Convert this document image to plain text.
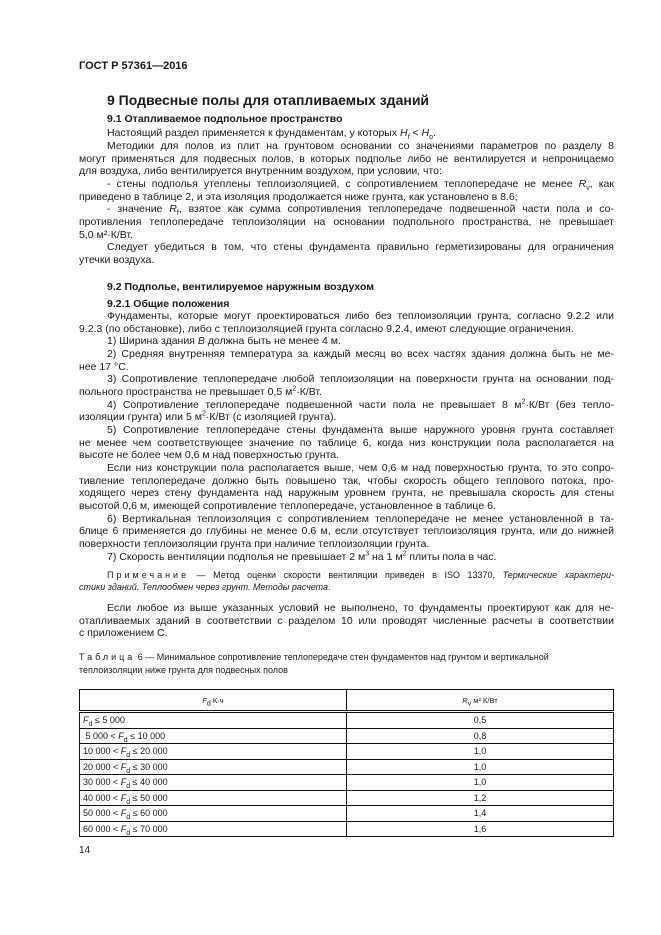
ГОСТ Р 57361—2016
9 Подвесные полы для отапливаемых зданий
9.1 Отапливаемое подпольное пространство
Настоящий раздел применяется к фундаментам, у которых $H_f < H_o$.
Методики для полов из плит на грунтовом основании со значениями параметров по разделу 8
могут применяться для подвесных полов, в которых подполье либо не вентилируется и непроницаемо
для воздуха, либо вентилируется внутренним воздухом, при условии, что:
- стены подполья утеплены теплоизоляцией, с сопротивлением теплопередаче не менее $R_v$, как
приведено в таблице 2, и эта изоляция продолжается ниже грунта, как установлено в 8.6;
- значение $R_f$, взятое как сумма сопротивления теплопередаче подвешенной части пола и со-
противления теплопередаче теплоизоляции на основании подпольного пространства, не превышает
5,0 м²·К/Вт.
Следует убедиться в том, что стены фундамента правильно герметизированы для ограничения
утечки воздуха.
9.2 Подполье, вентилируемое наружным воздухом
9.2.1 Общие положения
Фундаменты, которые могут проектироваться либо без теплоизоляции грунта, согласно 9.2.2 или
9.2.3 (по обстановке), либо с теплоизоляцией грунта согласно 9.2.4, имеют следующие ограничения.
1) Ширина здания B должна быть не менее 4 м.
2) Средняя внутренняя температура за каждый месяц во всех частях здания должна быть не ме-
нее 17 °С.
3) Сопротивление теплопередаче любой теплоизоляции на поверхности грунта на основании под-
польного пространства не превышает 0,5 $м^2\cdot К/Вт$.
4) Сопротивление теплопередаче подвешенной части пола не превышает 8 $м^2\cdot К/Вт$ (без тепло-
изоляции грунта) или 5 $м^2\cdot К/Вт$ (с изоляцией грунта).
5) Сопротивление теплопередаче стены фундамента выше наружного уровня грунта составляет
не менее чем соответствующее значение по таблице 6, когда низ конструкции пола располагается на
высоте не более чем 0,6 м над поверхностью грунта.
Если низ конструкции пола располагается выше, чем 0,6 м над поверхностью грунта, то это сопро-
тивление теплопередаче должно быть повышено так, чтобы скорость общего теплового потока, про-
ходящего через стену фундамента над наружным уровнем грунта, не превышала скорость для стены
высотой 0,6 м, имеющей сопротивление теплопередаче, установленное в таблице 6.
6) Вертикальная теплоизоляция с сопротивлением теплопередаче не менее установленной в та-
блице 6 применяется до глубины не менее 0,6 м, если отсутствует теплоизоляция грунта, или до нижней
поверхности теплоизоляции грунта при наличие теплоизоляции грунта.
7) Скорость вентиляции подполья не превышает 2 $м^3$ на 1 $м^2$ плиты пола в час.
Примечание — Метод оценки скорости вентиляции приведен в ISO 13370, Термические характери-
стики зданий. Теплообмен через грунт. Методы расчета.
Если любое из выше указанных условий не выполнено, то фундаменты проектируют как для не-
отапливаемых зданий в соответствии с разделом 10 или проводят численные расчеты в соответствии
с приложением С.
Таблица 6 — Минимальное сопротивление теплопередаче стен фундаментов над грунтом и вертикальной
теплоизоляции ниже грунта для подвесных полов
$F_d$ К·ч	$R_v$ м² К/Вт
$F_d \le 5$ 000	0,5
5 $000 < F_d \le 10$ 000	0,8
10 $000 < F_d \le 20$ 000	1,0
20 $000 < F_d \le 30$ 000	1,0
30 $000 < F_d \le 40$ 000	1,0
40 $000 < F_d \le 50$ 000	1,2
50 $000 < F_d \le 60$ 000	1,4
60 $000 < F_d \le 70$ 000	1,6
14
